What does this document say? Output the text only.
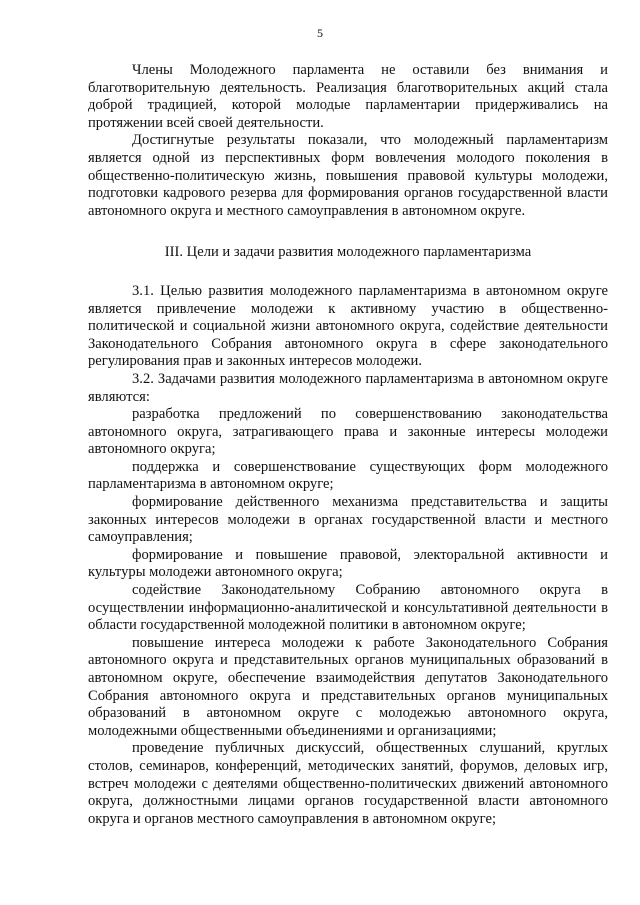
5

Члены Молодежного парламента не оставили без внимания и благотворительную деятельность. Реализация благотворительных акций стала доброй традицией, которой молодые парламентарии придерживались на протяжении всей своей деятельности.

Достигнутые результаты показали, что молодежный парламентаризм является одной из перспективных форм вовлечения молодого поколения в общественно-политическую жизнь, повышения правовой культуры молодежи, подготовки кадрового резерва для формирования органов государственной власти автономного округа и местного самоуправления в автономном округе.

III. Цели и задачи развития молодежного парламентаризма

3.1. Целью развития молодежного парламентаризма в автономном округе является привлечение молодежи к активному участию в общественно-политической и социальной жизни автономного округа, содействие деятельности Законодательного Собрания автономного округа в сфере законодательного регулирования прав и законных интересов молодежи.

3.2. Задачами развития молодежного парламентаризма в автономном округе являются:

разработка предложений по совершенствованию законодательства автономного округа, затрагивающего права и законные интересы молодежи автономного округа;

поддержка и совершенствование существующих форм молодежного парламентаризма в автономном округе;

формирование действенного механизма представительства и защиты законных интересов молодежи в органах государственной власти и местного самоуправления;

формирование и повышение правовой, электоральной активности и культуры молодежи автономного округа;

содействие Законодательному Собранию автономного округа в осуществлении информационно-аналитической и консультативной деятельности в области государственной молодежной политики в автономном округе;

повышение интереса молодежи к работе Законодательного Собрания автономного округа и представительных органов муниципальных образований в автономном округе, обеспечение взаимодействия депутатов Законодательного Собрания автономного округа и представительных органов муниципальных образований в автономном округе с молодежью автономного округа, молодежными общественными объединениями и организациями;

проведение публичных дискуссий, общественных слушаний, круглых столов, семинаров, конференций, методических занятий, форумов, деловых игр, встреч молодежи с деятелями общественно-политических движений автономного округа, должностными лицами органов государственной власти автономного округа и органов местного самоуправления в автономном округе;
